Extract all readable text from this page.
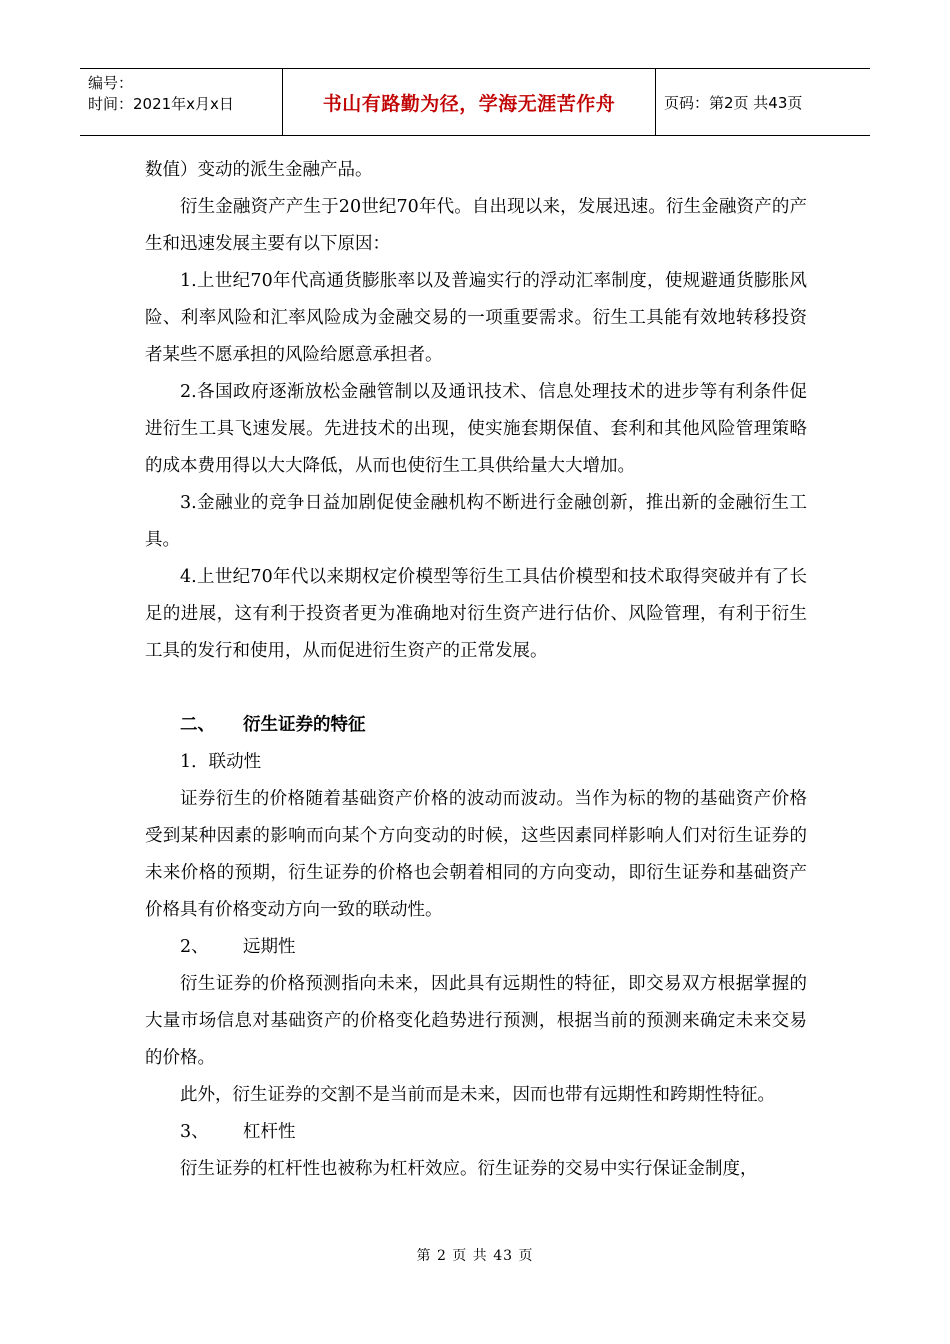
编号：
时间：2021年x月x日	书山有路勤为径，学海无涯苦作舟	页码：第2页 共43页

数值）变动的派生金融产品。

衍生金融资产产生于20世纪70年代。自出现以来，发展迅速。衍生金融资产的产生和迅速发展主要有以下原因：

1.上世纪70年代高通货膨胀率以及普遍实行的浮动汇率制度，使规避通货膨胀风险、利率风险和汇率风险成为金融交易的一项重要需求。衍生工具能有效地转移投资者某些不愿承担的风险给愿意承担者。

2.各国政府逐渐放松金融管制以及通讯技术、信息处理技术的进步等有利条件促进衍生工具飞速发展。先进技术的出现，使实施套期保值、套利和其他风险管理策略的成本费用得以大大降低，从而也使衍生工具供给量大大增加。

3.金融业的竞争日益加剧促使金融机构不断进行金融创新，推出新的金融衍生工具。

4.上世纪70年代以来期权定价模型等衍生工具估价模型和技术取得突破并有了长足的进展，这有利于投资者更为准确地对衍生资产进行估价、风险管理，有利于衍生工具的发行和使用，从而促进衍生资产的正常发展。

二、 衍生证券的特征

1．联动性

证券衍生的价格随着基础资产价格的波动而波动。当作为标的物的基础资产价格受到某种因素的影响而向某个方向变动的时候，这些因素同样影响人们对衍生证券的未来价格的预期，衍生证券的价格也会朝着相同的方向变动，即衍生证券和基础资产价格具有价格变动方向一致的联动性。

2、 远期性

衍生证券的价格预测指向未来，因此具有远期性的特征，即交易双方根据掌握的大量市场信息对基础资产的价格变化趋势进行预测，根据当前的预测来确定未来交易的价格。

此外，衍生证券的交割不是当前而是未来，因而也带有远期性和跨期性特征。

3、 杠杆性

衍生证券的杠杆性也被称为杠杆效应。衍生证券的交易中实行保证金制度，

第 2 页 共 43 页
